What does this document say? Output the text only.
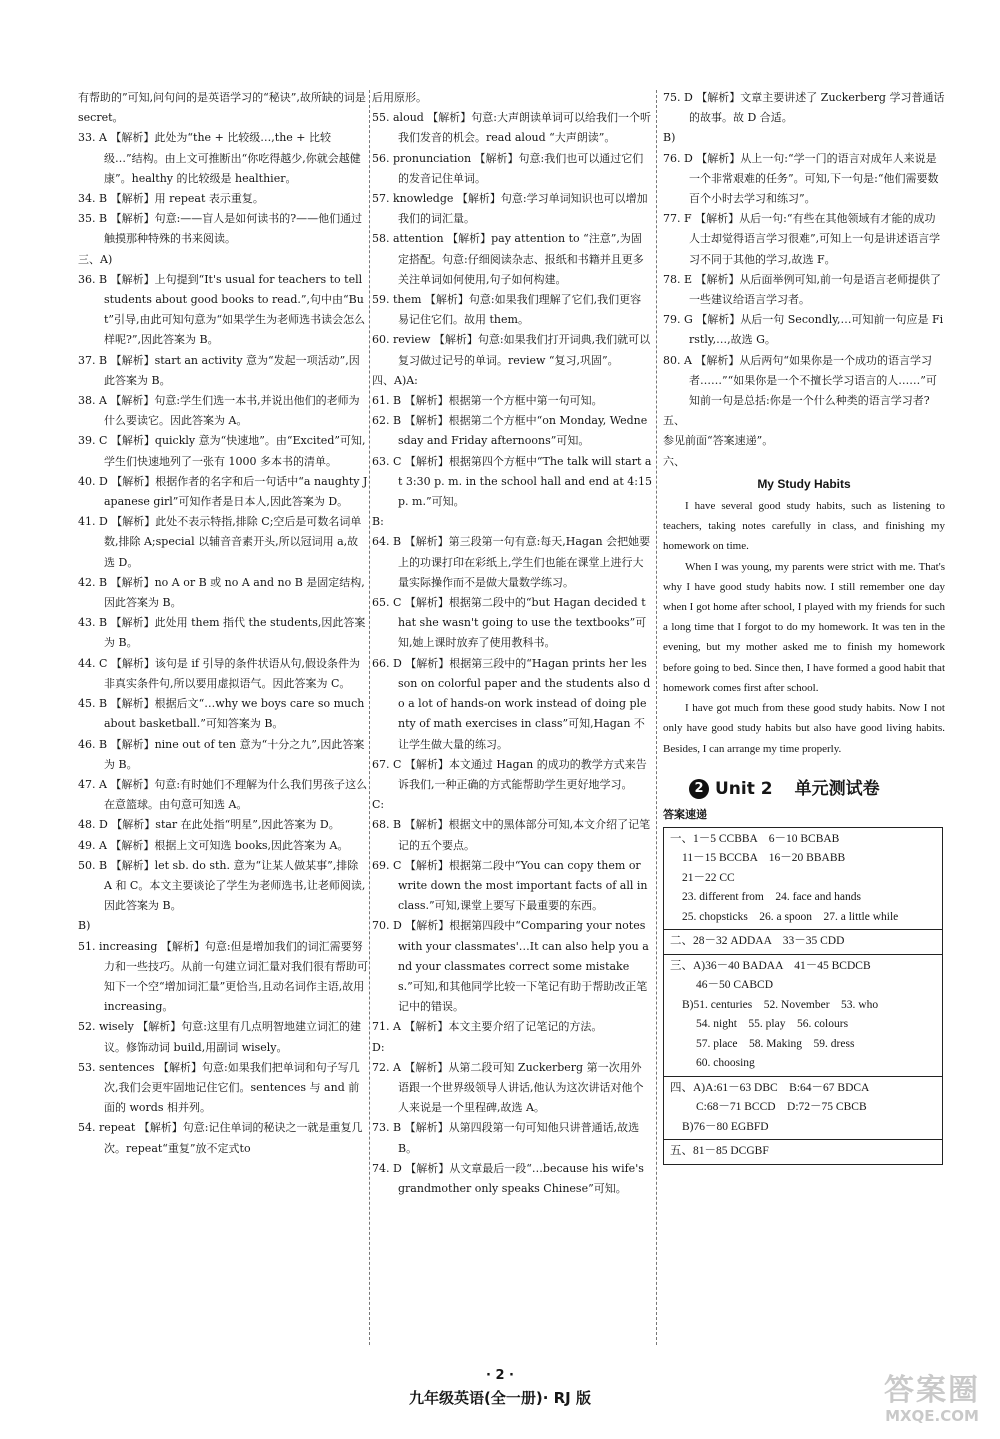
有帮助的”可知,问句问的是英语学习的“秘诀”,故所缺的词是 secret。
33. A 【解析】此处为“the + 比较级…,the + 比较级…”结构。由上文可推断出“你吃得越少,你就会越健康”。healthy 的比较级是 healthier。
34. B 【解析】用 repeat 表示重复。
35. B 【解析】句意:——盲人是如何读书的?——他们通过触摸那种特殊的书来阅读。
三、A)
36. B 【解析】上句提到“It's usual for teachers to tell students about good books to read.”,句中由“But”引导,由此可知句意为“如果学生为老师选书读会怎么样呢?”,因此答案为 B。
37. B 【解析】start an activity 意为“发起一项活动”,因此答案为 B。
38. A 【解析】句意:学生们选一本书,并说出他们的老师为什么要读它。因此答案为 A。
39. C 【解析】quickly 意为“快速地”。由“Excited”可知,学生们快速地列了一张有 1000 多本书的清单。
40. D 【解析】根据作者的名字和后一句话中“a naughty Japanese girl”可知作者是日本人,因此答案为 D。
41. D 【解析】此处不表示特指,排除 C;空后是可数名词单数,排除 A;special 以辅音音素开头,所以冠词用 a,故选 D。
42. B 【解析】no A or B 或 no A and no B 是固定结构,因此答案为 B。
43. B 【解析】此处用 them 指代 the students,因此答案为 B。
44. C 【解析】该句是 if 引导的条件状语从句,假设条件为非真实条件句,所以要用虚拟语气。因此答案为 C。
45. B 【解析】根据后文“…why we boys care so much about basketball.”可知答案为 B。
46. B 【解析】nine out of ten 意为“十分之九”,因此答案为 B。
47. A 【解析】句意:有时她们不理解为什么我们男孩子这么在意篮球。由句意可知选 A。
48. D 【解析】star 在此处指“明星”,因此答案为 D。
49. A 【解析】根据上文可知选 books,因此答案为 A。
50. B 【解析】let sb. do sth. 意为“让某人做某事”,排除 A 和 C。本文主要谈论了学生为老师选书,让老师阅读,因此答案为 B。
B)
51. increasing 【解析】句意:但是增加我们的词汇需要努力和一些技巧。从前一句建立词汇量对我们很有帮助可知下一个空“增加词汇量”更恰当,且动名词作主语,故用 increasing。
52. wisely 【解析】句意:这里有几点明智地建立词汇的建议。修饰动词 build,用副词 wisely。
53. sentences 【解析】句意:如果我们把单词和句子写几次,我们会更牢固地记住它们。sentences 与 and 前面的 words 相并列。
54. repeat 【解析】句意:记住单词的秘诀之一就是重复几次。repeat“重复”放不定式to
后用原形。
55. aloud 【解析】句意:大声朗读单词可以给我们一个听我们发音的机会。read aloud “大声朗读”。
56. pronunciation 【解析】句意:我们也可以通过它们的发音记住单词。
57. knowledge 【解析】句意:学习单词知识也可以增加我们的词汇量。
58. attention 【解析】pay attention to “注意”,为固定搭配。句意:仔细阅读杂志、报纸和书籍并且更多关注单词如何使用,句子如何构建。
59. them 【解析】句意:如果我们理解了它们,我们更容易记住它们。故用 them。
60. review 【解析】句意:如果我们打开词典,我们就可以复习做过记号的单词。review “复习,巩固”。
四、A)A:
61. B 【解析】根据第一个方框中第一句可知。
62. B 【解析】根据第二个方框中“on Monday, Wednesday and Friday afternoons”可知。
63. C 【解析】根据第四个方框中“The talk will start at 3:30 p. m. in the school hall and end at 4:15 p. m.”可知。
B:
64. B 【解析】第三段第一句有意:每天,Hagan 会把她要上的功课打印在彩纸上,学生们也能在课堂上进行大量实际操作而不是做大量数学练习。
65. C 【解析】根据第二段中的“but Hagan decided that she wasn't going to use the textbooks”可知,她上课时放弃了使用教科书。
66. D 【解析】根据第三段中的“Hagan prints her lesson on colorful paper and the students also do a lot of hands-on work instead of doing plenty of math exercises in class”可知,Hagan 不让学生做大量的练习。
67. C 【解析】本文通过 Hagan 的成功的教学方式来告诉我们,一种正确的方式能帮助学生更好地学习。
C:
68. B 【解析】根据文中的黑体部分可知,本文介绍了记笔记的五个要点。
69. C 【解析】根据第二段中“You can copy them or write down the most important facts of all in class.”可知,课堂上要写下最重要的东西。
70. D 【解析】根据第四段中“Comparing your notes with your classmates'…It can also help you and your classmates correct some mistakes.”可知,和其他同学比较一下笔记有助于帮助改正笔记中的错误。
71. A 【解析】本文主要介绍了记笔记的方法。
D:
72. A 【解析】从第二段可知 Zuckerberg 第一次用外语跟一个世界级领导人讲话,他认为这次讲话对他个人来说是一个里程碑,故选 A。
73. B 【解析】从第四段第一句可知他只讲普通话,故选 B。
74. D 【解析】从文章最后一段“…because his wife's grandmother only speaks Chinese”可知。
75. D 【解析】文章主要讲述了 Zuckerberg 学习普通话的故事。故 D 合适。
B)
76. D 【解析】从上一句:“学一门的语言对成年人来说是一个非常艰难的任务”。可知,下一句是:“他们需要数百个小时去学习和练习”。
77. F 【解析】从后一句:“有些在其他领域有才能的成功人士却觉得语言学习很难”,可知上一句是讲述语言学习不同于其他的学习,故选 F。
78. E 【解析】从后面举例可知,前一句是语言老师提供了一些建议给语言学习者。
79. G 【解析】从后一句 Secondly,…可知前一句应是 Firstly,…,故选 G。
80. A 【解析】从后两句“如果你是一个成功的语言学习者……”“如果你是一个不擅长学习语言的人……”可知前一句是总括:你是一个什么种类的语言学习者?
五、
参见前面“答案速递”。
六、
My Study Habits

I have several good study habits, such as listening to teachers, taking notes carefully in class, and finishing my homework on time.

When I was young, my parents were strict with me. That's why I have good study habits now. I still remember one day when I got home after school, I played with my friends for such a long time that I forgot to do my homework. It was ten in the evening, but my mother asked me to finish my homework before going to bed. Since then, I have formed a good habit that homework comes first after school.

I have got much from these good study habits. Now I not only have good study habits but also have good living habits. Besides, I can arrange my time properly.

2 Unit 2 单元测试卷
答案速递
一、1－5 CCBBA　6－10 BCBAB
11－15 BCCBA　16－20 BBABB
21－22 CC
23. different from　24. face and hands
25. chopsticks　26. a spoon　27. a little while
二、28－32 ADDAA　33－35 CDD
三、A)36－40 BADAA　41－45 BCDCB
46－50 CABCD
B)51. centuries　52. November　53. who
54. night　55. play　56. colours
57. place　58. Making　59. dress
60. choosing
四、A)A:61－63 DBC　B:64－67 BDCA
C:68－71 BCCD　D:72－75 CBCB
B)76－80 EGBFD
五、81－85 DCGBF
· 2 ·
九年级英语(全一册)· RJ 版	答案圈
MXQE.COM
